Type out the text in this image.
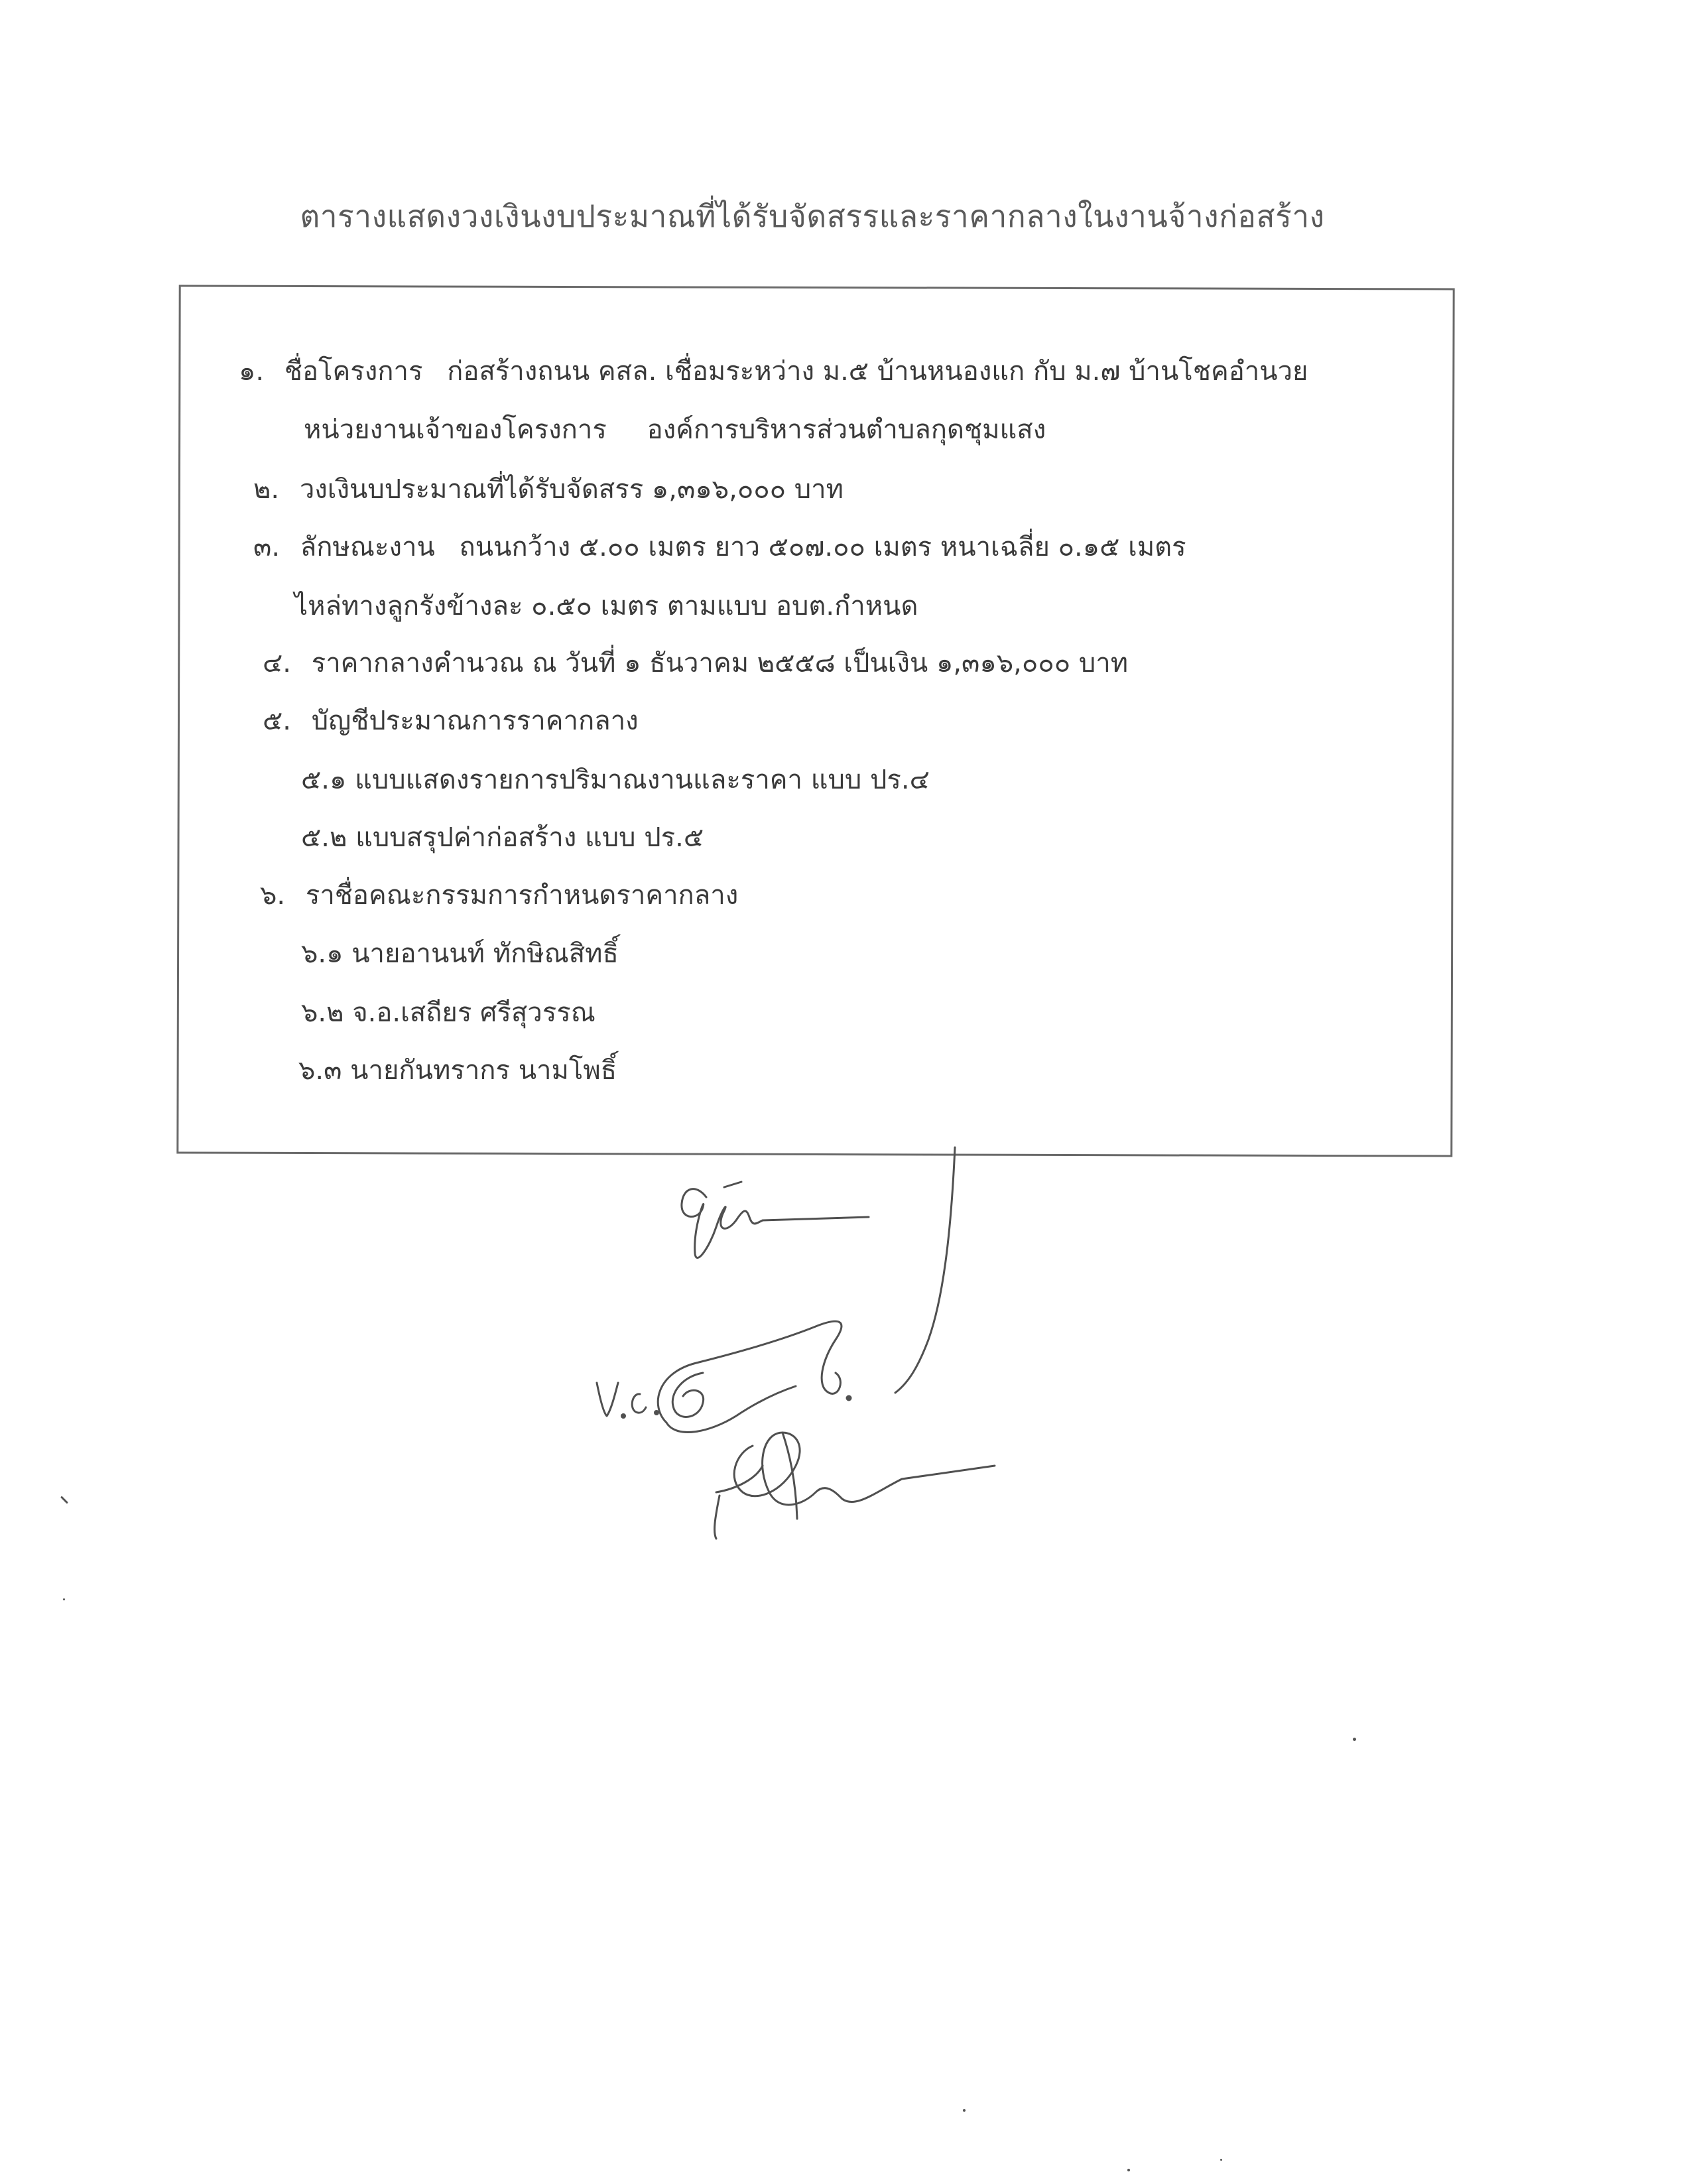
ตารางแสดงวงเงินงบประมาณที่ได้รับจัดสรรและราคากลางในงานจ้างก่อสร้าง
๑. ชื่อโครงการ ก่อสร้างถนน คสล. เชื่อมระหว่าง ม.๕ บ้านหนองแก กับ ม.๗ บ้านโชคอำนวย
หน่วยงานเจ้าของโครงการ องค์การบริหารส่วนตำบลกุดชุมแสง
๒. วงเงินบประมาณที่ได้รับจัดสรร ๑,๓๑๖,๐๐๐ บาท
๓. ลักษณะงาน ถนนกว้าง ๕.๐๐ เมตร ยาว ๕๐๗.๐๐ เมตร หนาเฉลี่ย ๐.๑๕ เมตร
ไหล่ทางลูกรังข้างละ ๐.๕๐ เมตร ตามแบบ อบต.กำหนด
๔. ราคากลางคำนวณ ณ วันที่ ๑ ธันวาคม ๒๕๕๘ เป็นเงิน ๑,๓๑๖,๐๐๐ บาท
๕. บัญชีประมาณการราคากลาง
๕.๑ แบบแสดงรายการปริมาณงานและราคา แบบ ปร.๔
๕.๒ แบบสรุปค่าก่อสร้าง แบบ ปร.๕
๖. ราชื่อคณะกรรมการกำหนดราคากลาง
๖.๑ นายอานนท์ ทักษิณสิทธิ์
๖.๒ จ.อ.เสถียร ศรีสุวรรณ
๖.๓ นายกันทรากร นามโพธิ์
